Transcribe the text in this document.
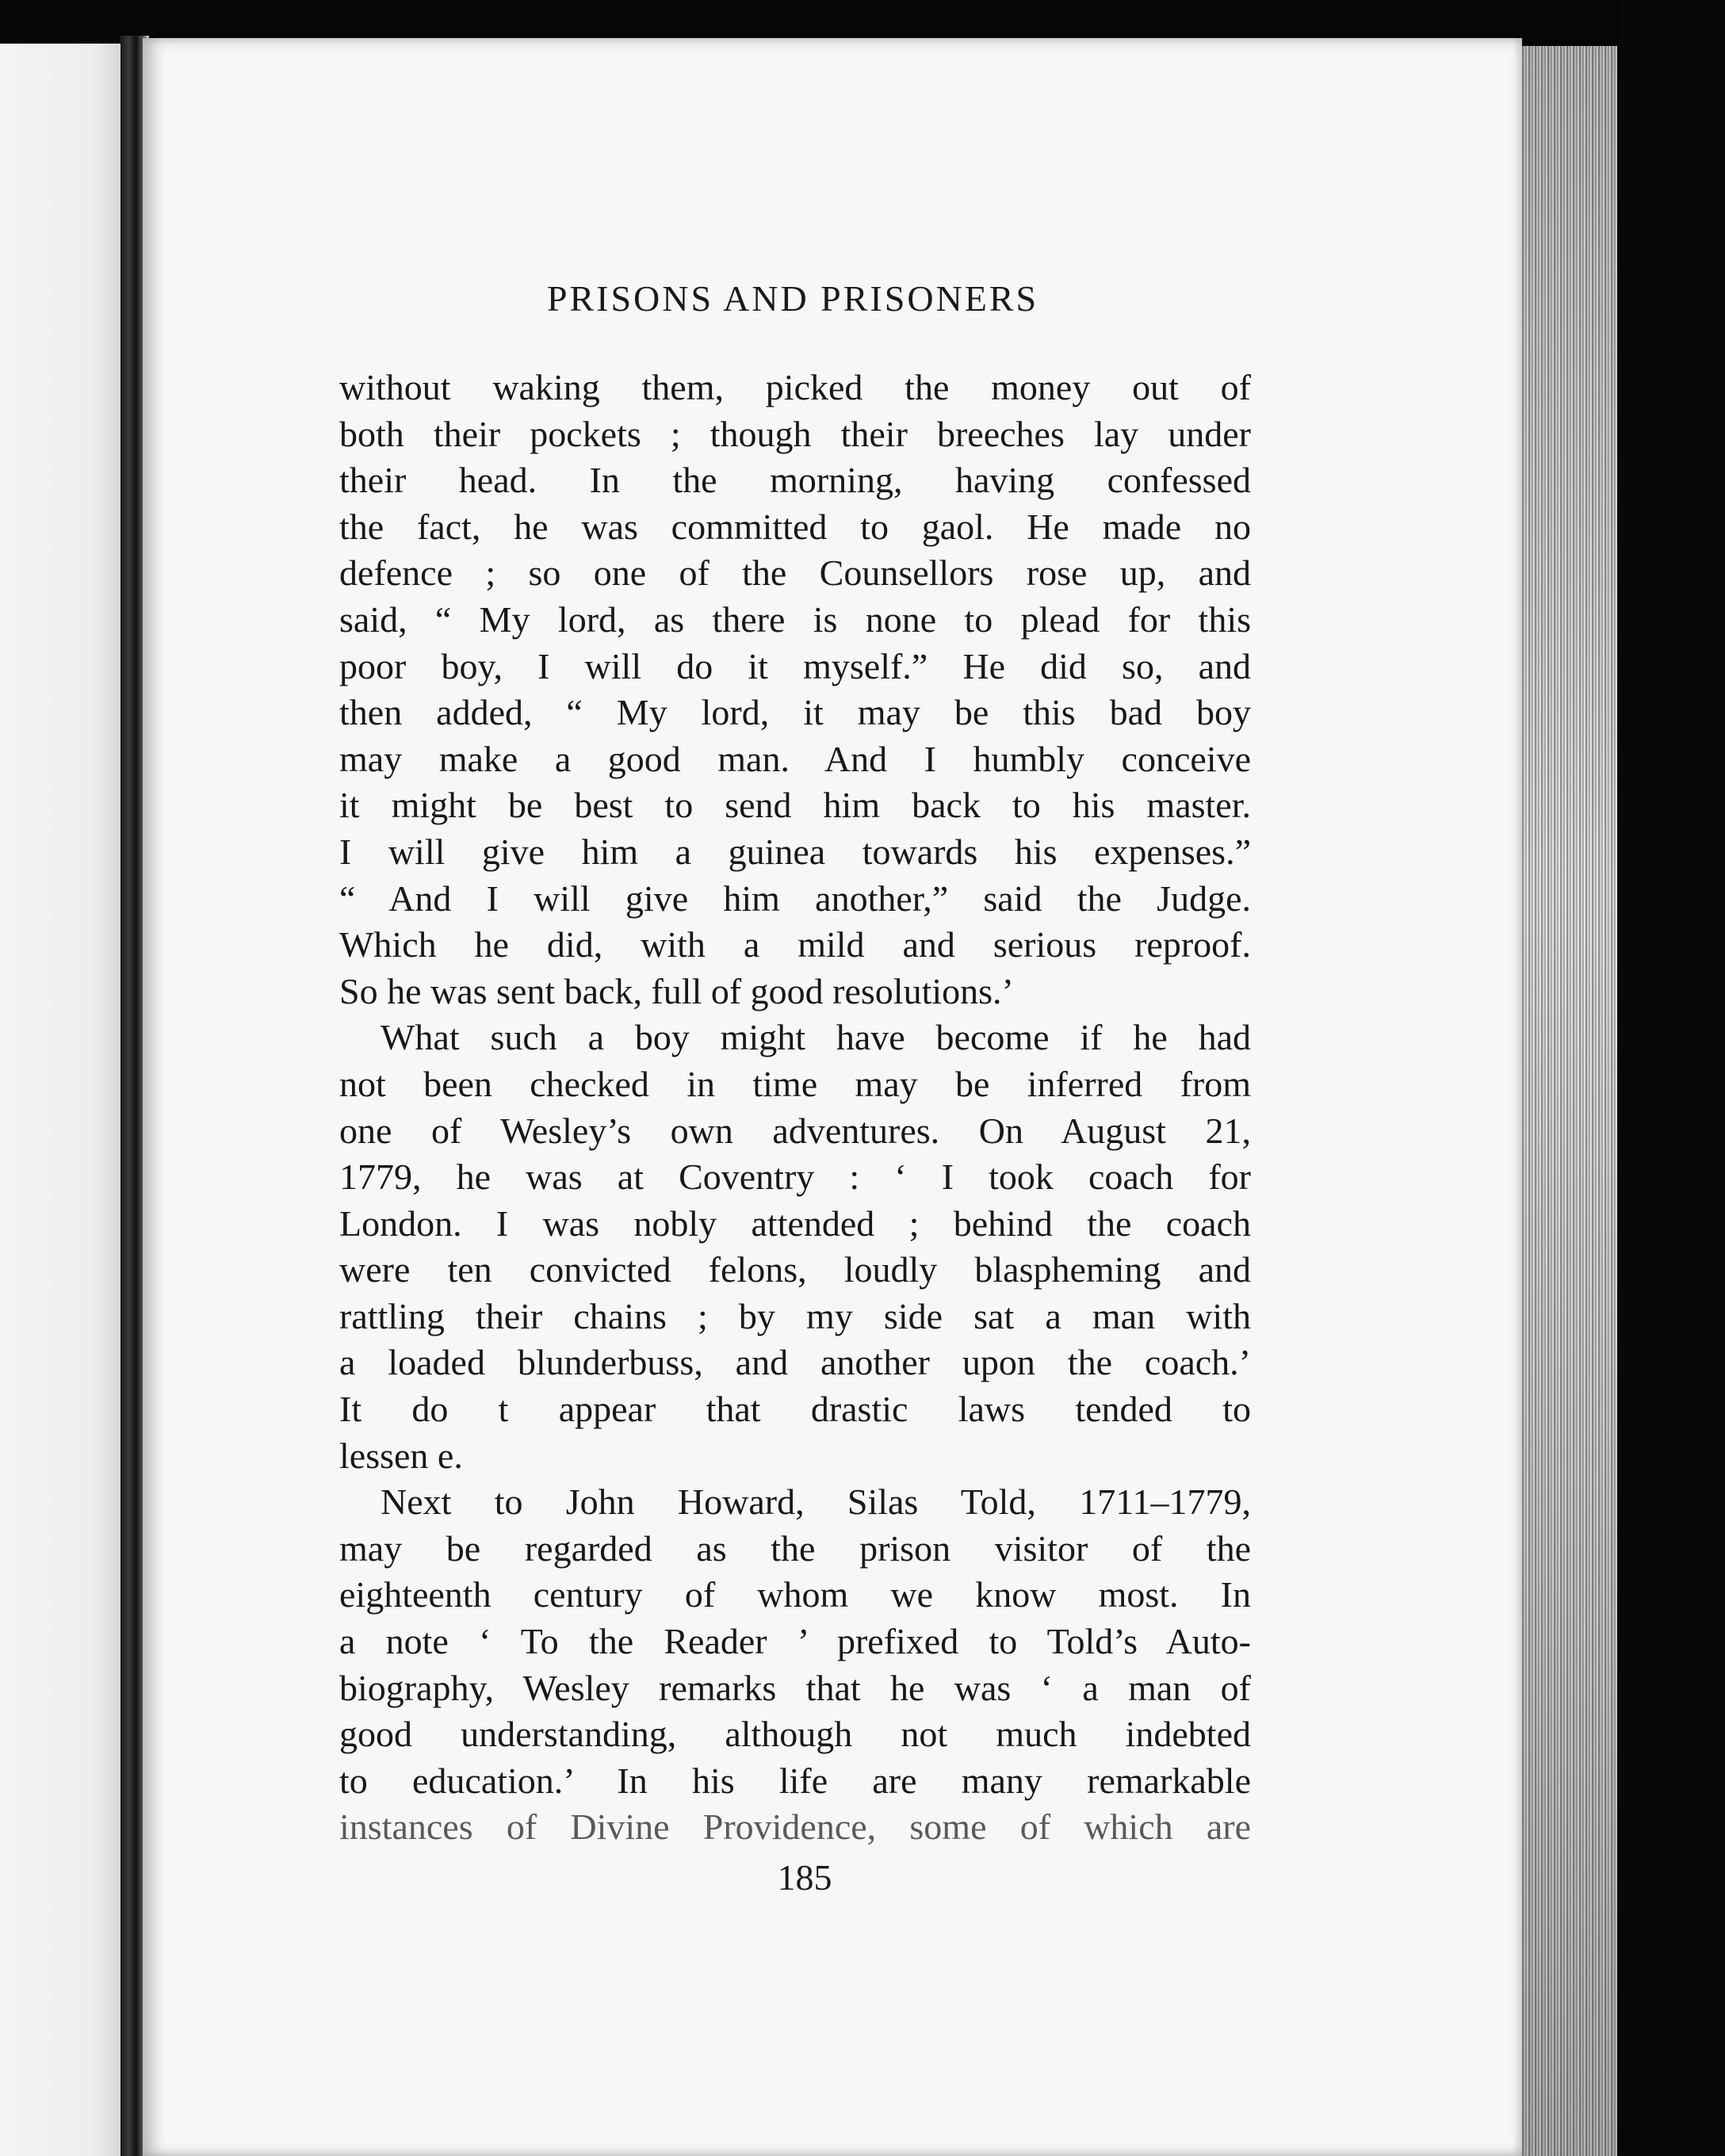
PRISONS AND PRISONERS
without waking them, picked the money out of
both their pockets ; though their breeches lay under
their head. In the morning, having confessed
the fact, he was committed to gaol. He made no
defence ; so one of the Counsellors rose up, and
said, “ My lord, as there is none to plead for this
poor boy, I will do it myself.” He did so, and
then added, “ My lord, it may be this bad boy
may make a good man. And I humbly conceive
it might be best to send him back to his master.
I will give him a guinea towards his expenses.”
“ And I will give him another,” said the Judge.
Which he did, with a mild and serious reproof.
So he was sent back, full of good resolutions.’
What such a boy might have become if he had
not been checked in time may be inferred from
one of Wesley’s own adventures. On August 21,
1779, he was at Coventry : ‘ I took coach for
London. I was nobly attended ; behind the coach
were ten convicted felons, loudly blaspheming and
rattling their chains ; by my side sat a man with
a loaded blunderbuss, and another upon the coach.’
It do t appear that drastic laws tended to
lessen e.
Next to John Howard, Silas Told, 1711–1779,
may be regarded as the prison visitor of the
eighteenth century of whom we know most. In
a note ‘ To the Reader ’ prefixed to Told’s Auto-
biography, Wesley remarks that he was ‘ a man of
good understanding, although not much indebted
to education.’ In his life are many remarkable
instances of Divine Providence, some of which are
185
